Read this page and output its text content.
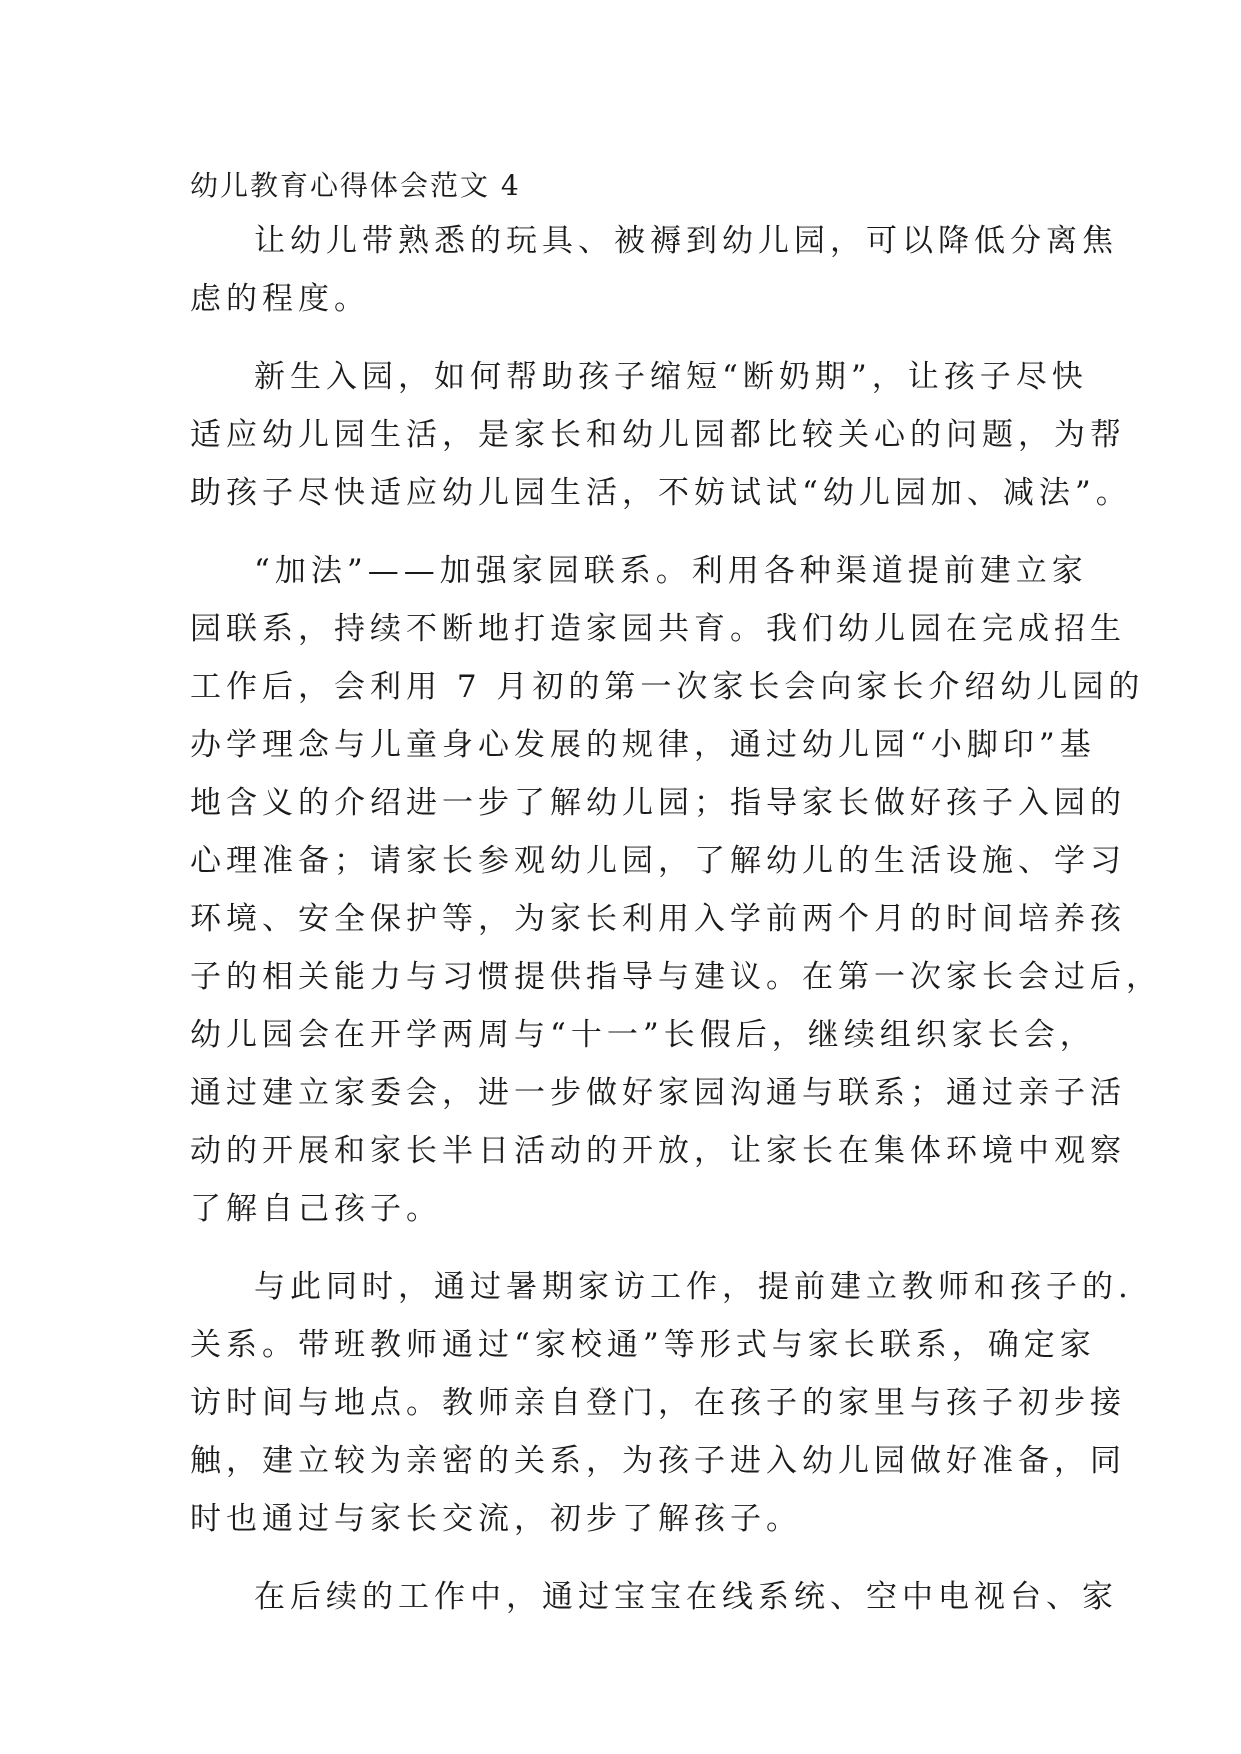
幼儿教育心得体会范文 4

让幼儿带熟悉的玩具、被褥到幼儿园，可以降低分离焦
虑的程度。

新生入园，如何帮助孩子缩短“断奶期”，让孩子尽快
适应幼儿园生活，是家长和幼儿园都比较关心的问题，为帮
助孩子尽快适应幼儿园生活，不妨试试“幼儿园加、减法”。

“加法”——加强家园联系。利用各种渠道提前建立家
园联系，持续不断地打造家园共育。我们幼儿园在完成招生
工作后，会利用 7 月初的第一次家长会向家长介绍幼儿园的
办学理念与儿童身心发展的规律，通过幼儿园“小脚印”基
地含义的介绍进一步了解幼儿园；指导家长做好孩子入园的
心理准备；请家长参观幼儿园，了解幼儿的生活设施、学习
环境、安全保护等，为家长利用入学前两个月的时间培养孩
子的相关能力与习惯提供指导与建议。在第一次家长会过后，
幼儿园会在开学两周与“十一”长假后，继续组织家长会，
通过建立家委会，进一步做好家园沟通与联系；通过亲子活
动的开展和家长半日活动的开放，让家长在集体环境中观察
了解自己孩子。

与此同时，通过暑期家访工作，提前建立教师和孩子的.
关系。带班教师通过“家校通”等形式与家长联系，确定家
访时间与地点。教师亲自登门，在孩子的家里与孩子初步接
触，建立较为亲密的关系，为孩子进入幼儿园做好准备，同
时也通过与家长交流，初步了解孩子。

在后续的工作中，通过宝宝在线系统、空中电视台、家
